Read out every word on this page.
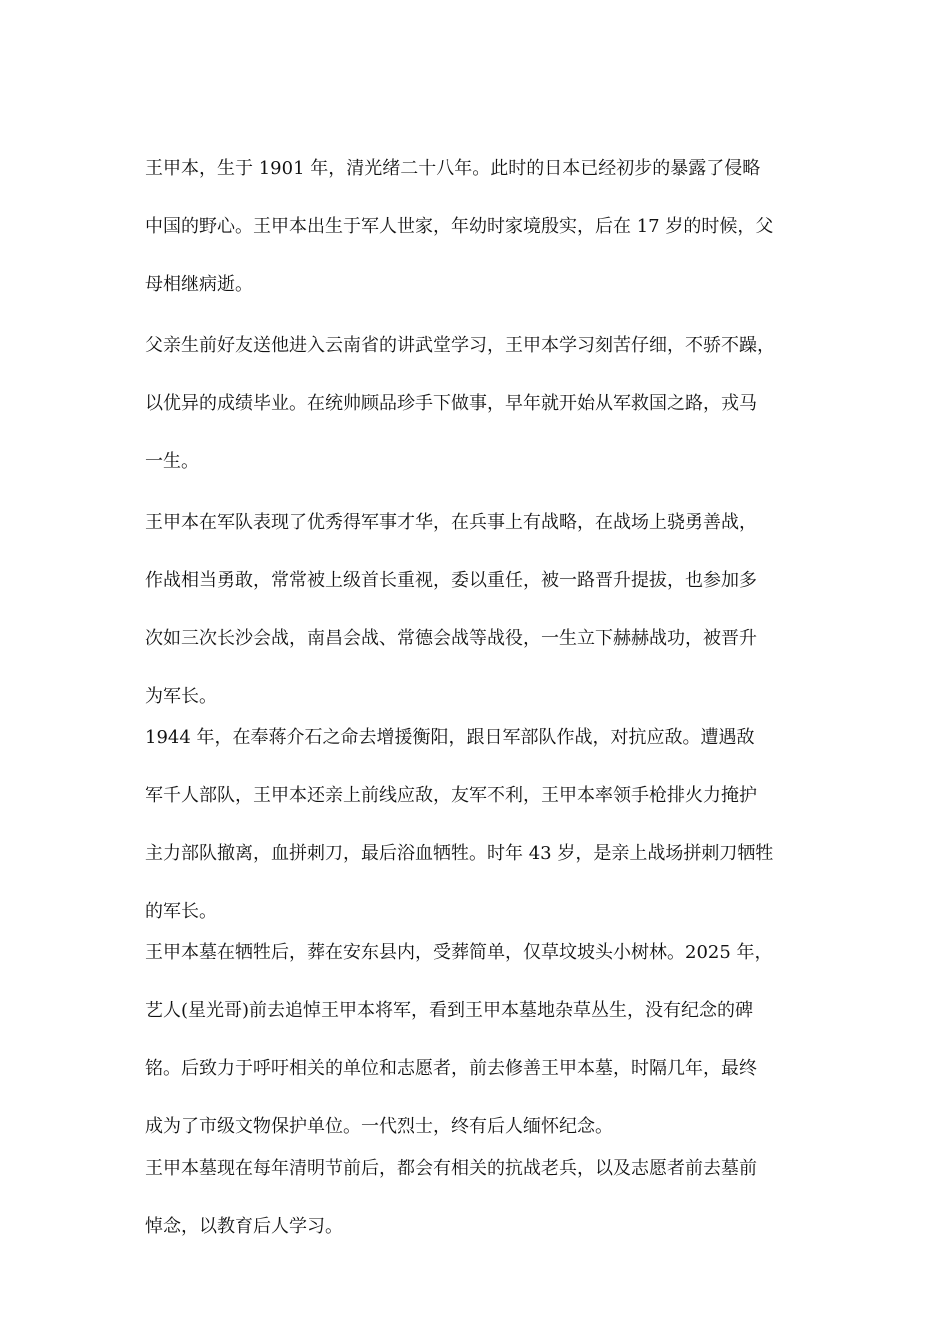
王甲本，生于 1901 年，清光绪二十八年。此时的日本已经初步的暴露了侵略

中国的野心。王甲本出生于军人世家，年幼时家境殷实，后在 17 岁的时候，父

母相继病逝。

父亲生前好友送他进入云南省的讲武堂学习，王甲本学习刻苦仔细，不骄不躁，

以优异的成绩毕业。在统帅顾品珍手下做事，早年就开始从军救国之路，戎马

一生。

王甲本在军队表现了优秀得军事才华，在兵事上有战略，在战场上骁勇善战，

作战相当勇敢，常常被上级首长重视，委以重任，被一路晋升提拔，也参加多

次如三次长沙会战，南昌会战、常德会战等战役，一生立下赫赫战功，被晋升

为军长。

1944 年，在奉蒋介石之命去增援衡阳，跟日军部队作战，对抗应敌。遭遇敌

军千人部队，王甲本还亲上前线应敌，友军不利，王甲本率领手枪排火力掩护

主力部队撤离，血拼刺刀，最后浴血牺牲。时年 43 岁，是亲上战场拼刺刀牺牲

的军长。

王甲本墓在牺牲后，葬在安东县内，受葬简单，仅草坟坡头小树林。2025 年，

艺人(星光哥)前去追悼王甲本将军，看到王甲本墓地杂草丛生，没有纪念的碑

铭。后致力于呼吁相关的单位和志愿者，前去修善王甲本墓，时隔几年，最终

成为了市级文物保护单位。一代烈士，终有后人缅怀纪念。

王甲本墓现在每年清明节前后，都会有相关的抗战老兵，以及志愿者前去墓前

悼念，以教育后人学习。
